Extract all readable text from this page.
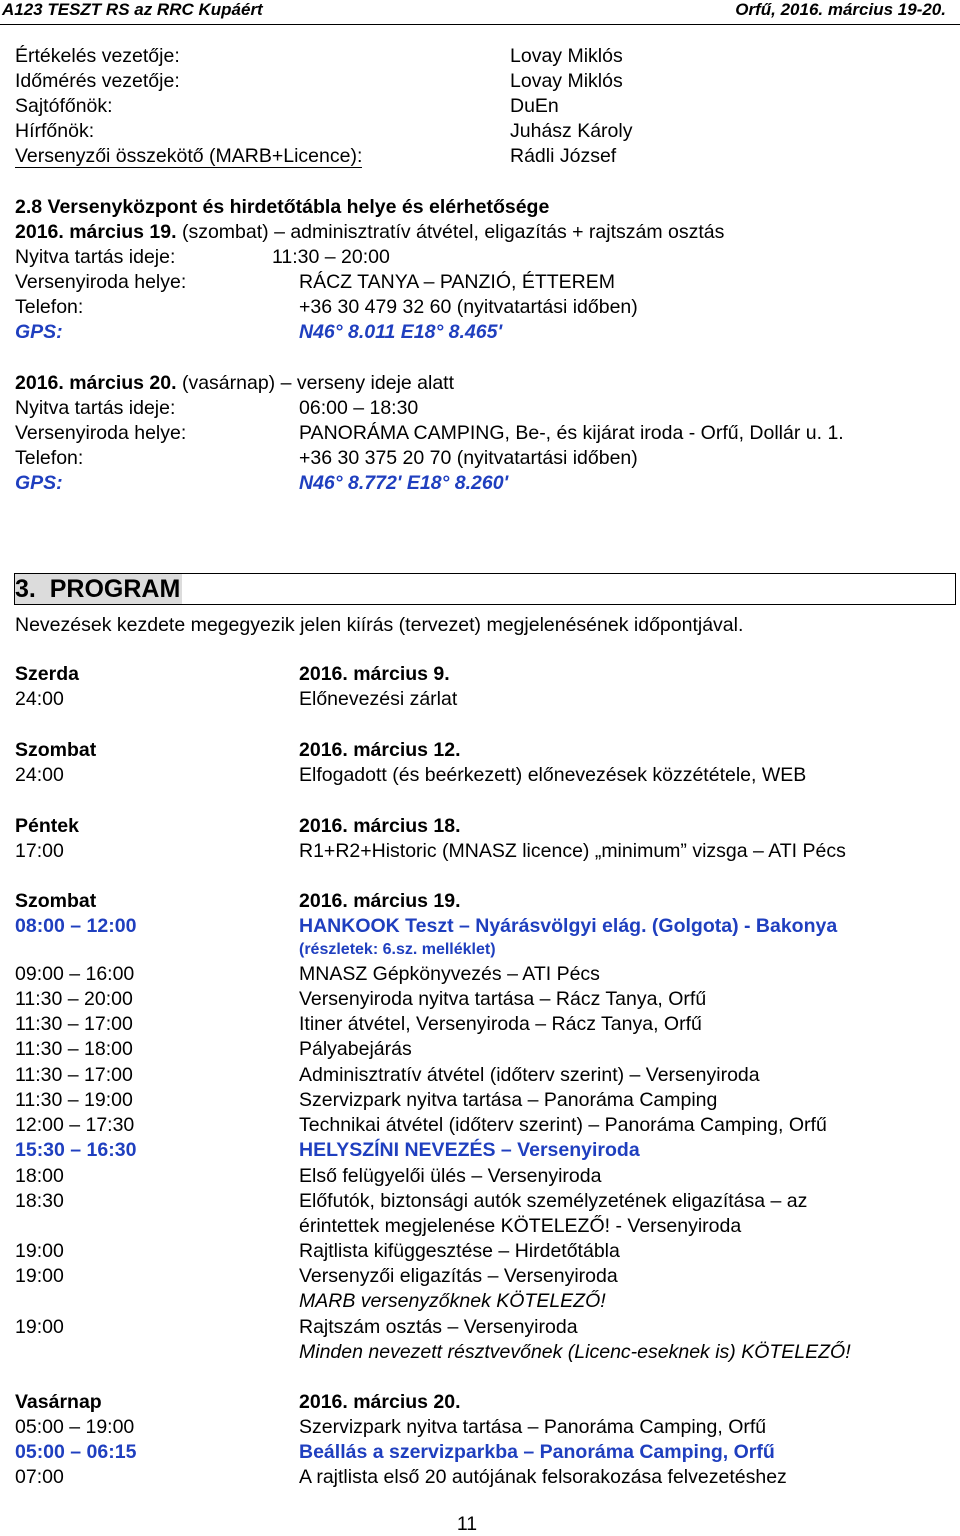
A123 TESZT RS az RRC Kupáért	Orfű, 2016. március 19-20.
Értékelés vezetője:	Lovay Miklós
Időmérés vezetője:	Lovay Miklós
Sajtófőnök:	DuEn
Hírfőnök:	Juhász Károly
Versenyzői összekötő (MARB+Licence):	Rádli József
2.8 Versenyközpont és hirdetőtábla helye és elérhetősége
2016. március 19. (szombat) – adminisztratív átvétel, eligazítás + rajtszám osztás
Nyitva tartás ideje:	11:30 – 20:00
Versenyiroda helye:	RÁCZ TANYA – PANZIÓ, ÉTTEREM
Telefon:	+36 30 479 32 60 (nyitvatartási időben)
GPS:	N46° 8.011 E18° 8.465'
2016. március 20. (vasárnap) – verseny ideje alatt
Nyitva tartás ideje:	06:00 – 18:30
Versenyiroda helye:	PANORÁMA CAMPING, Be-, és kijárat iroda - Orfű, Dollár u. 1.
Telefon:	+36 30 375 20 70 (nyitvatartási időben)
GPS:	N46° 8.772' E18° 8.260'
3.  PROGRAM
Nevezések kezdete megegyezik jelen kiírás (tervezet) megjelenésének időpontjával.
Szerda	2016. március 9.
24:00	Előnevezési zárlat
Szombat	2016. március 12.
24:00	Elfogadott (és beérkezett) előnevezések közzététele, WEB
Péntek	2016. március 18.
17:00	R1+R2+Historic (MNASZ licence) „minimum” vizsga – ATI Pécs
Szombat	2016. március 19.
08:00 – 12:00	HANKOOK Teszt – Nyárásvölgyi elág. (Golgota) - Bakonya
(részletek: 6.sz. melléklet)
09:00 – 16:00	MNASZ Gépkönyvezés – ATI Pécs
11:30 – 20:00	Versenyiroda nyitva tartása – Rácz Tanya, Orfű
11:30 – 17:00	Itiner átvétel, Versenyiroda – Rácz Tanya, Orfű
11:30 – 18:00	Pályabejárás
11:30 – 17:00	Adminisztratív átvétel (időterv szerint) – Versenyiroda
11:30 – 19:00	Szervizpark nyitva tartása – Panoráma Camping
12:00 – 17:30	Technikai átvétel (időterv szerint) – Panoráma Camping, Orfű
15:30 – 16:30	HELYSZÍNI NEVEZÉS – Versenyiroda
18:00	Első felügyelői ülés – Versenyiroda
18:30	Előfutók, biztonsági autók személyzetének eligazítása – az
érintettek megjelenése KÖTELEZŐ! - Versenyiroda
19:00	Rajtlista kifüggesztése – Hirdetőtábla
19:00	Versenyzői eligazítás – Versenyiroda
MARB versenyzőknek KÖTELEZŐ!
19:00	Rajtszám osztás – Versenyiroda
Minden nevezett résztvevőnek (Licenc-eseknek is) KÖTELEZŐ!
Vasárnap	2016. március 20.
05:00 – 19:00	Szervizpark nyitva tartása – Panoráma Camping, Orfű
05:00 – 06:15	Beállás a szervizparkba – Panoráma Camping, Orfű
07:00	A rajtlista első 20 autójának felsorakozása felvezetéshez
11
